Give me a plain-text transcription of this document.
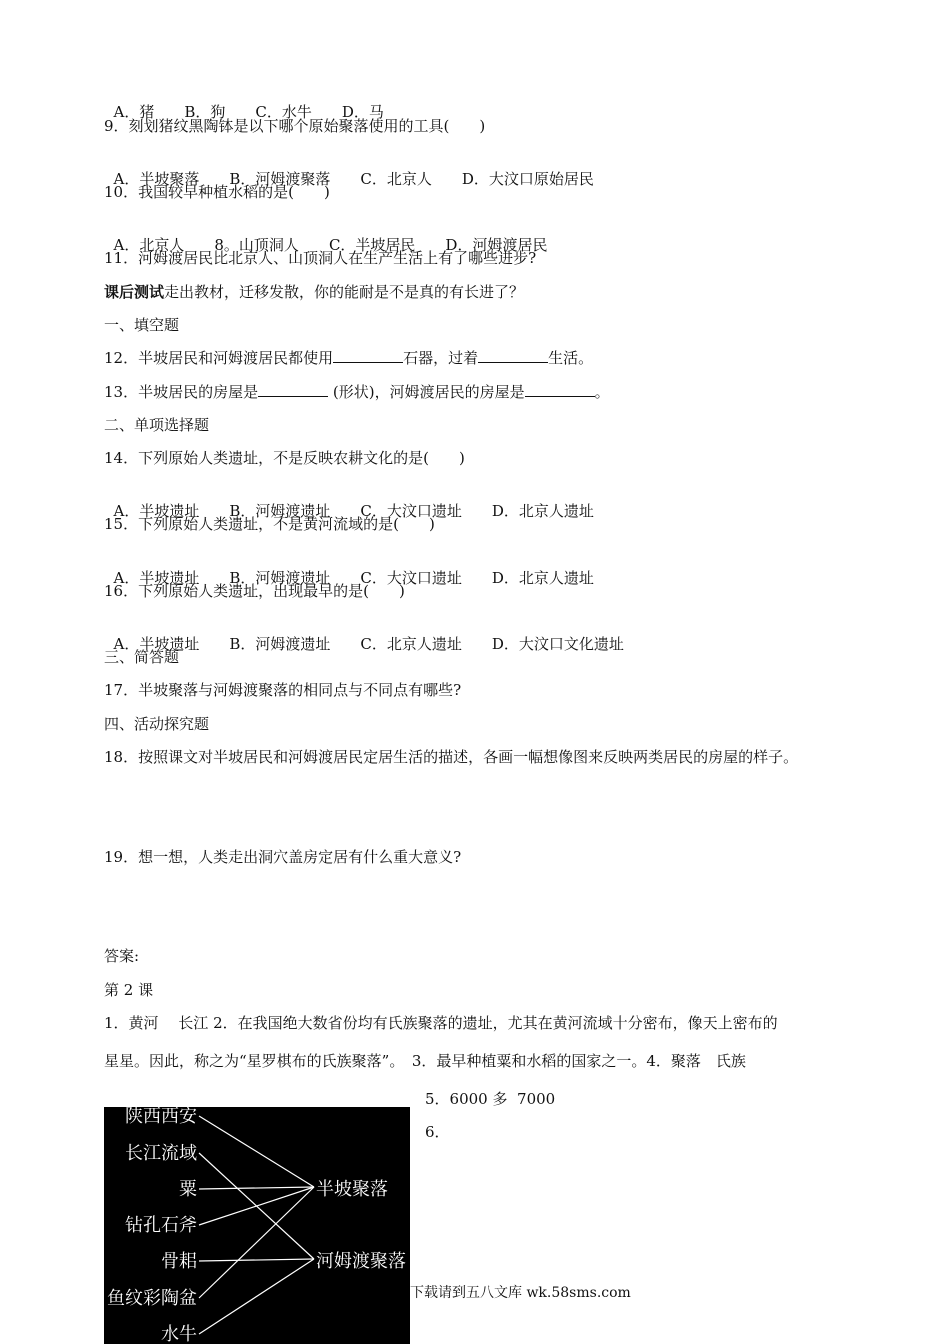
A．猪 B．狗 C．水牛 D．马

9．刻划猪纹黑陶钵是以下哪个原始聚落使用的工具(　　)

A．半坡聚落 B．河姆渡聚落 C．北京人 D．大汶口原始居民

10．我国较早种植水稻的是(　　)

A．北京人 8。山顶洞人 C．半坡居民 D．河姆渡居民

11．河姆渡居民比北京人、山顶洞人在生产生活上有了哪些进步?
课后测试走出教材，迁移发散，你的能耐是不是真的有长进了？
一、填空题
12．半坡居民和河姆渡居民都使用	石器，过着	生活。
13．半坡居民的房屋是	(形状)，河姆渡居民的房屋是	。
二、单项选择题
14．下列原始人类遗址，不是反映农耕文化的是(　　)

A．半坡遗址 B．河姆渡遗址 C．大汶口遗址 D．北京人遗址

15．下列原始人类遗址，不是黄河流域的是(　　)

A．半坡遗址 B．河姆渡遗址 C．大汶口遗址 D．北京人遗址

16．下列原始人类遗址，出现最早的是(　　)

A．半坡遗址 B．河姆渡遗址 C．北京人遗址 D．大汶口文化遗址

三、简答题
17．半坡聚落与河姆渡聚落的相同点与不同点有哪些?
四、活动探究题
18．按照课文对半坡居民和河姆渡居民定居生活的描述，各画一幅想像图来反映两类居民的房屋的样子。
19．想一想，人类走出洞穴盖房定居有什么重大意义?
答案:
第 2 课
1．黄河　 长江 2．在我国绝大数省份均有氏族聚落的遗址，尤其在黄河流域十分密布，像天上密布的
星星。因此，称之为“星罗棋布的氏族聚落”。　3．最早种植粟和水稻的国家之一。4．聚落　氏族
5．6000 多  7000
6．
陕西西安
长江流域
粟
钻孔石斧
骨耜
鱼纹彩陶盆
水牛
半坡聚落
河姆渡聚落
下载请到五八文库 wk.58sms.com
